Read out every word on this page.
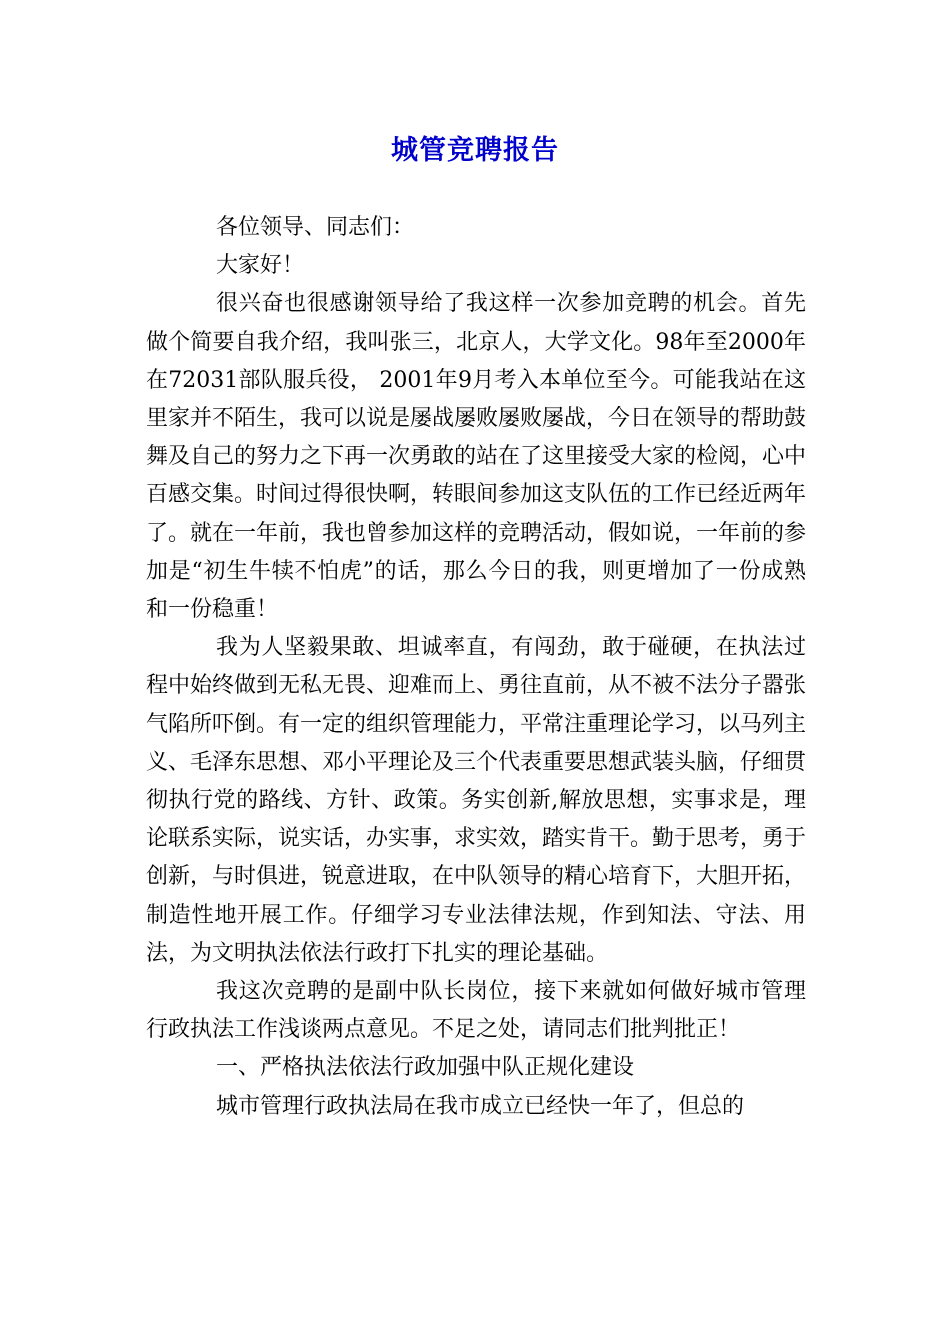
城管竞聘报告

各位领导、同志们：

大家好！

很兴奋也很感谢领导给了我这样一次参加竞聘的机会。首先做个简要自我介绍，我叫张三，北京人，大学文化。98年至2000年在72031部队服兵役， 2001年9月考入本单位至今。可能我站在这里家并不陌生，我可以说是屡战屡败屡败屡战，今日在领导的帮助鼓舞及自己的努力之下再一次勇敢的站在了这里接受大家的检阅，心中百感交集。时间过得很快啊，转眼间参加这支队伍的工作已经近两年了。就在一年前，我也曾参加这样的竞聘活动，假如说，一年前的参加是“初生牛犊不怕虎”的话，那么今日的我，则更增加了一份成熟和一份稳重！

我为人坚毅果敢、坦诚率直，有闯劲，敢于碰硬，在执法过程中始终做到无私无畏、迎难而上、勇往直前，从不被不法分子嚣张气陷所吓倒。有一定的组织管理能力，平常注重理论学习，以马列主义、毛泽东思想、邓小平理论及三个代表重要思想武装头脑，仔细贯彻执行党的路线、方针、政策。务实创新,解放思想，实事求是，理论联系实际，说实话，办实事，求实效，踏实肯干。勤于思考，勇于创新，与时俱进，锐意进取，在中队领导的精心培育下，大胆开拓，制造性地开展工作。仔细学习专业法律法规，作到知法、守法、用法，为文明执法依法行政打下扎实的理论基础。

我这次竞聘的是副中队长岗位，接下来就如何做好城市管理行政执法工作浅谈两点意见。不足之处，请同志们批判批正！

一、严格执法依法行政加强中队正规化建设

城市管理行政执法局在我市成立已经快一年了，但总的
